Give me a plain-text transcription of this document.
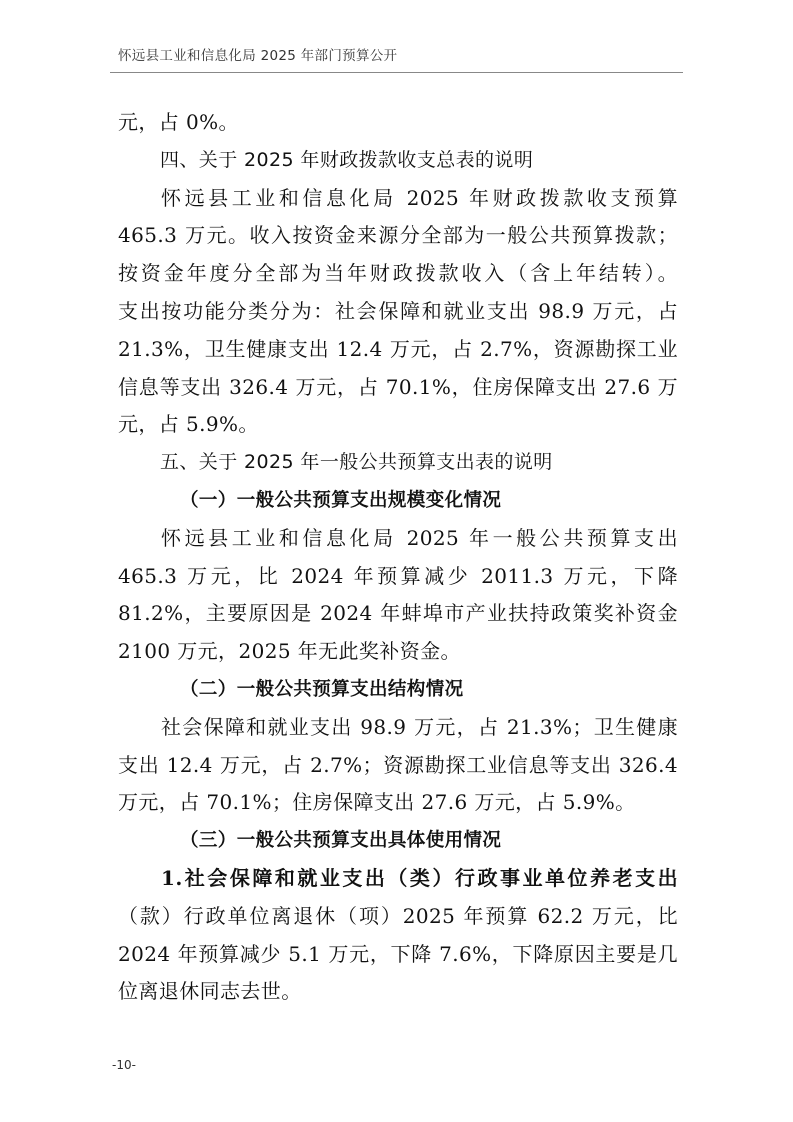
怀远县工业和信息化局 2025 年部门预算公开
元，占 0%。
四、关于 2025 年财政拨款收支总表的说明
怀远县工业和信息化局 2025 年财政拨款收支预算
465.3 万元。收入按资金来源分全部为一般公共预算拨款；
按资金年度分全部为当年财政拨款收入（含上年结转）。
支出按功能分类分为：社会保障和就业支出 98.9 万元，占
21.3%，卫生健康支出 12.4 万元，占 2.7%，资源勘探工业
信息等支出 326.4 万元，占 70.1%，住房保障支出 27.6 万
元，占 5.9%。
五、关于 2025 年一般公共预算支出表的说明
（一）一般公共预算支出规模变化情况
怀远县工业和信息化局 2025 年一般公共预算支出
465.3 万元，比 2024 年预算减少 2011.3 万元，下降
81.2%，主要原因是 2024 年蚌埠市产业扶持政策奖补资金
2100 万元，2025 年无此奖补资金。
（二）一般公共预算支出结构情况
社会保障和就业支出 98.9 万元，占 21.3%；卫生健康
支出 12.4 万元，占 2.7%；资源勘探工业信息等支出 326.4
万元，占 70.1%；住房保障支出 27.6 万元，占 5.9%。
（三）一般公共预算支出具体使用情况
1.社会保障和就业支出（类）行政事业单位养老支出
（款）行政单位离退休（项）2025 年预算 62.2 万元，比
2024 年预算减少 5.1 万元，下降 7.6%，下降原因主要是几
位离退休同志去世。
-10-
